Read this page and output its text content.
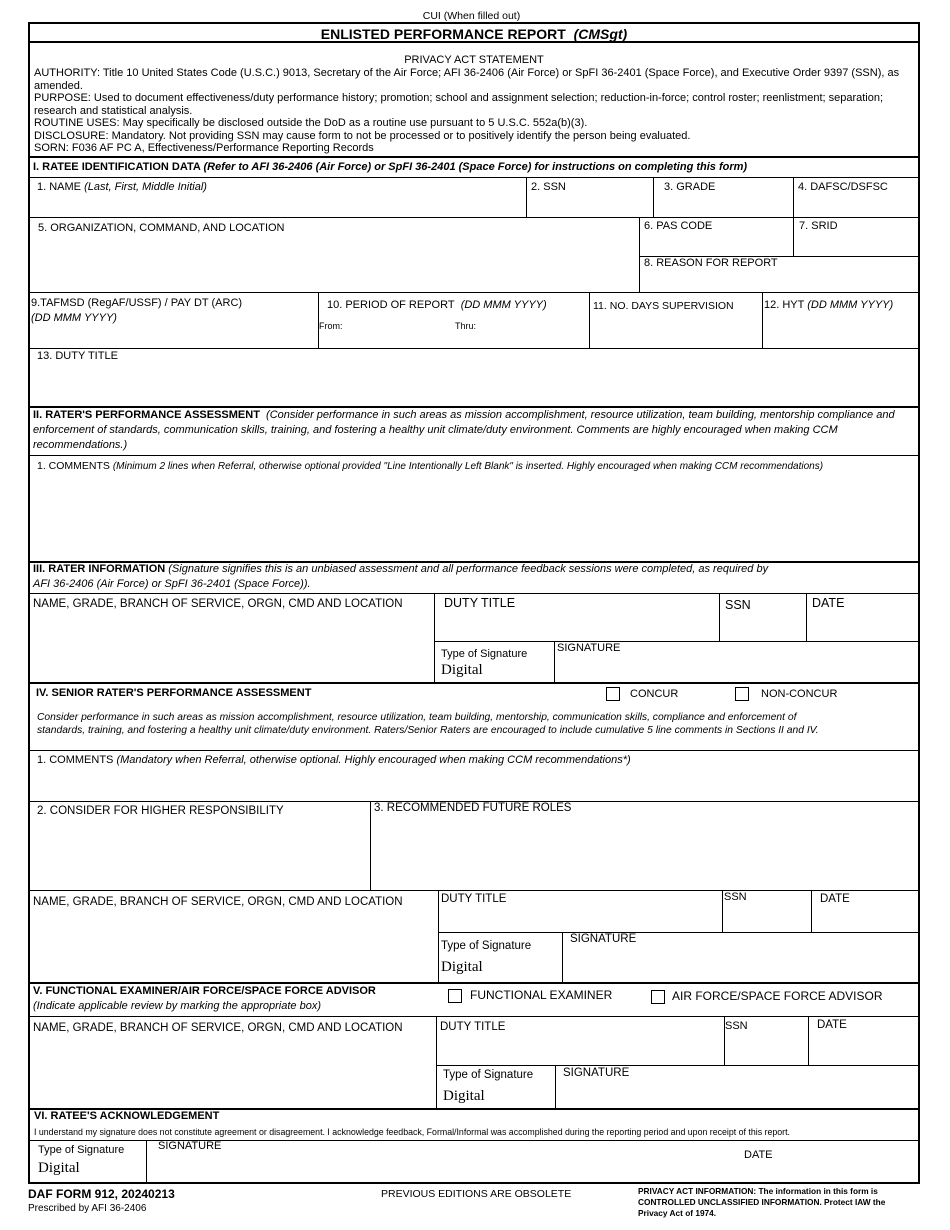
CUI (When filled out)
ENLISTED PERFORMANCE REPORT (CMSgt)
PRIVACY ACT STATEMENT

AUTHORITY: Title 10 United States Code (U.S.C.) 9013, Secretary of the Air Force; AFI 36-2406 (Air Force) or SpFI 36-2401 (Space Force), and Executive Order 9397 (SSN), as amended.

PURPOSE: Used to document effectiveness/duty performance history; promotion; school and assignment selection; reduction-in-force; control roster; reenlistment; separation; research and statistical analysis.

ROUTINE USES: May specifically be disclosed outside the DoD as a routine use pursuant to 5 U.S.C. 552a(b)(3).

DISCLOSURE: Mandatory. Not providing SSN may cause form to not be processed or to positively identify the person being evaluated.

SORN: F036 AF PC A, Effectiveness/Performance Reporting Records

I. RATEE IDENTIFICATION DATA (Refer to AFI 36-2406 (Air Force) or SpFI 36-2401 (Space Force) for instructions on completing this form)
1. NAME (Last, First, Middle Initial)	2. SSN	3. GRADE	4. DAFSC/DSFSC
5. ORGANIZATION, COMMAND, AND LOCATION	6. PAS CODE	7. SRID
8. REASON FOR REPORT
9.TAFMSD (RegAF/USSF) / PAY DT (ARC)
(DD MMM YYYY)
10. PERIOD OF REPORT (DD MMM YYYY)
From:	Thru:
11. NO. DAYS SUPERVISION	12. HYT (DD MMM YYYY)
13. DUTY TITLE
II. RATER'S PERFORMANCE ASSESSMENT (Consider performance in such areas as mission accomplishment, resource utilization, team building, mentorship compliance and enforcement of standards, communication skills, training, and fostering a healthy unit climate/duty environment. Comments are highly encouraged when making CCM recommendations.)
1. COMMENTS (Minimum 2 lines when Referral, otherwise optional provided "Line Intentionally Left Blank" is inserted. Highly encouraged when making CCM recommendations)
III. RATER INFORMATION (Signature signifies this is an unbiased assessment and all performance feedback sessions were completed, as required by
AFI 36-2406 (Air Force) or SpFI 36-2401 (Space Force)).
NAME, GRADE, BRANCH OF SERVICE, ORGN, CMD AND LOCATION	DUTY TITLE	SSN	DATE
Type of Signature
Digital
SIGNATURE
IV. SENIOR RATER'S PERFORMANCE ASSESSMENT	CONCUR	NON-CONCUR
Consider performance in such areas as mission accomplishment, resource utilization, team building, mentorship, communication skills, compliance and enforcement of
standards, training, and fostering a healthy unit climate/duty environment. Raters/Senior Raters are encouraged to include cumulative 5 line comments in Sections II and IV.
1. COMMENTS (Mandatory when Referral, otherwise optional. Highly encouraged when making CCM recommendations*)
2. CONSIDER FOR HIGHER RESPONSIBILITY	3. RECOMMENDED FUTURE ROLES
NAME, GRADE, BRANCH OF SERVICE, ORGN, CMD AND LOCATION	DUTY TITLE	SSN	DATE
Type of Signature
Digital
SIGNATURE
V. FUNCTIONAL EXAMINER/AIR FORCE/SPACE FORCE ADVISOR
(Indicate applicable review by marking the appropriate box)
FUNCTIONAL EXAMINER	AIR FORCE/SPACE FORCE ADVISOR
NAME, GRADE, BRANCH OF SERVICE, ORGN, CMD AND LOCATION	DUTY TITLE	SSN	DATE
Type of Signature
Digital
SIGNATURE
VI. RATEE'S ACKNOWLEDGEMENT
I understand my signature does not constitute agreement or disagreement. I acknowledge feedback, Formal/Informal was accomplished during the reporting period and upon receipt of this report.
Type of Signature
Digital
SIGNATURE
DATE
DAF FORM 912, 20240213
Prescribed by AFI 36-2406
PREVIOUS EDITIONS ARE OBSOLETE	PRIVACY ACT INFORMATION: The information in this form is
CONTROLLED UNCLASSIFIED INFORMATION. Protect IAW the
Privacy Act of 1974.
